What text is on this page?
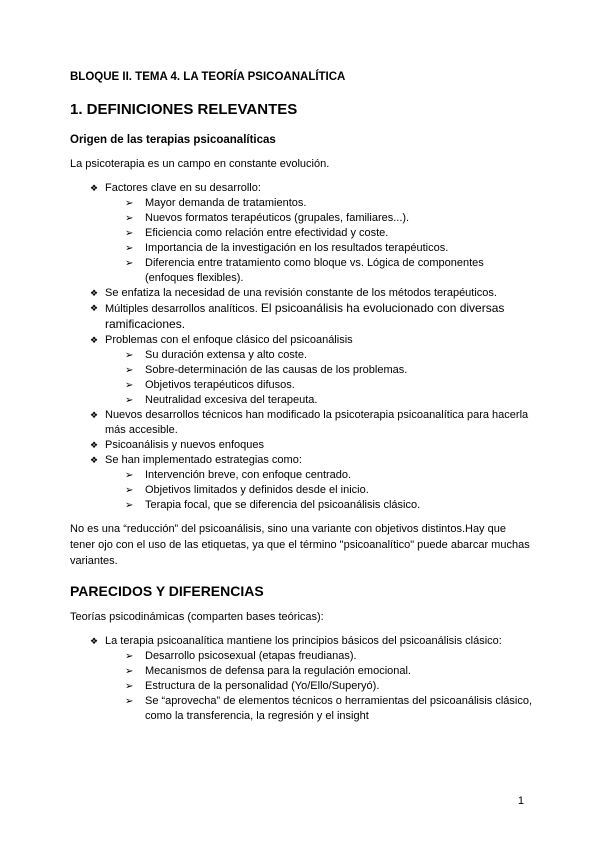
BLOQUE II. TEMA 4. LA TEORÍA PSICOANALÍTICA
1. DEFINICIONES RELEVANTES
Origen de las terapias psicoanalíticas

La psicoterapia es un campo en constante evolución.

❖ Factores clave en su desarrollo:
➢	Mayor demanda de tratamientos.
➢	Nuevos formatos terapéuticos (grupales, familiares...).
➢	Eficiencia como relación entre efectividad y coste.
➢	Importancia de la investigación en los resultados terapéuticos.
➢	Diferencia entre tratamiento como bloque vs. Lógica de componentes (enfoques flexibles).
❖ Se enfatiza la necesidad de una revisión constante de los métodos terapéuticos.
❖ Múltiples desarrollos analíticos. El psicoanálisis ha evolucionado con diversas ramificaciones.
❖ Problemas con el enfoque clásico del psicoanálisis
➢	Su duración extensa y alto coste.
➢	Sobre-determinación de las causas de los problemas.
➢	Objetivos terapéuticos difusos.
➢	Neutralidad excesiva del terapeuta.
❖ Nuevos desarrollos técnicos han modificado la psicoterapia psicoanalítica para hacerla más accesible.
❖ Psicoanálisis y nuevos enfoques
❖ Se han implementado estrategias como:
➢	Intervención breve, con enfoque centrado.
➢	Objetivos limitados y definidos desde el inicio.
➢	Terapia focal, que se diferencia del psicoanálisis clásico.

No es una “reducción” del psicoanálisis, sino una variante con objetivos distintos.Hay que tener ojo con el uso de las etiquetas, ya que el término "psicoanalítico" puede abarcar muchas variantes.

PARECIDOS Y DIFERENCIAS

Teorías psicodinámicas (comparten bases teóricas):

❖ La terapia psicoanalítica mantiene los principios básicos del psicoanálisis clásico:
➢	Desarrollo psicosexual (etapas freudianas).
➢	Mecanismos de defensa para la regulación emocional.
➢	Estructura de la personalidad (Yo/Ello/Superyó).
➢	Se “aprovecha” de elementos técnicos o herramientas del psicoanálisis clásico, como la transferencia, la regresión y el insight
1
